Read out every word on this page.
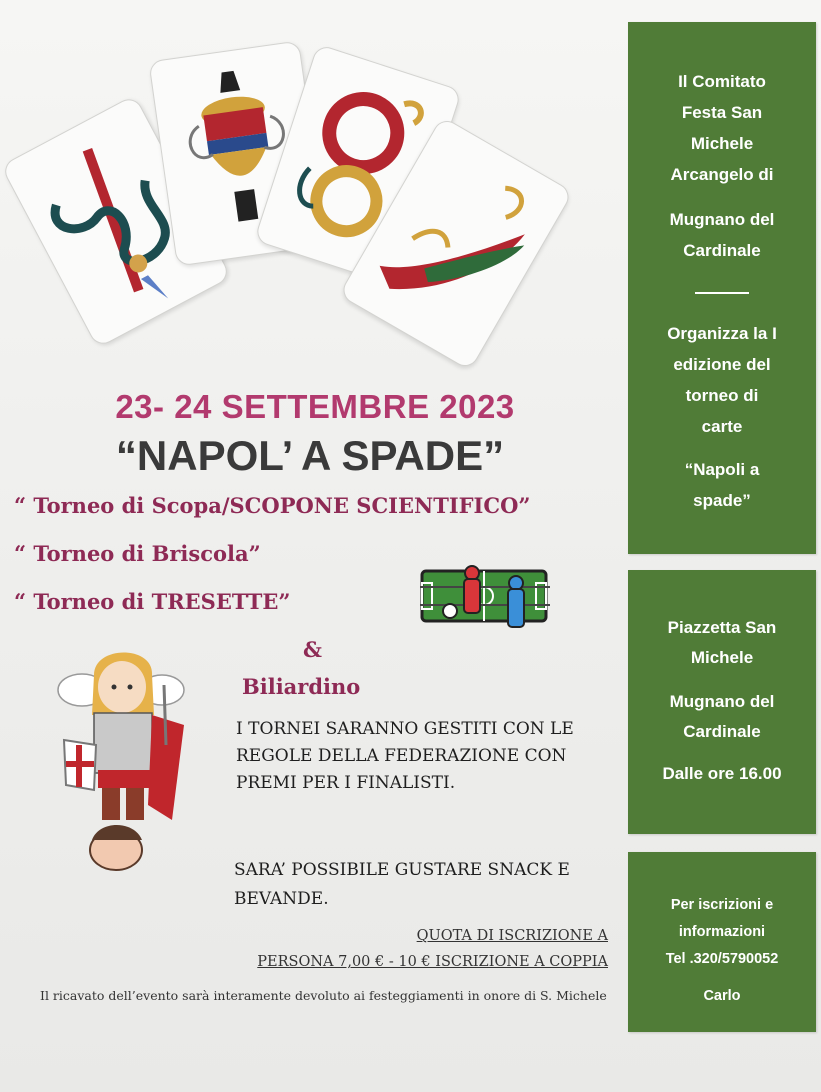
23- 24 SETTEMBRE 2023
“NAPOL’ A SPADE”
“ Torneo di Scopa/SCOPONE SCIENTIFICO”
“ Torneo di Briscola”
“ Torneo di TRESETTE”
&
Biliardino
I TORNEI SARANNO GESTITI CON LE
REGOLE DELLA FEDERAZIONE CON
PREMI PER I FINALISTI.
SARA’ POSSIBILE GUSTARE SNACK E
BEVANDE.
QUOTA DI ISCRIZIONE A
PERSONA 7,00 € - 10 € ISCRIZIONE A COPPIA
Il ricavato dell’evento sarà interamente devoluto ai festeggiamenti in onore di S. Michele

Il Comitato

Festa San

Michele

Arcangelo di

Mugnano del

Cardinale

Organizza la I

edizione del

torneo di

carte

“Napoli a

spade”

Piazzetta San

Michele

Mugnano del

Cardinale

Dalle ore 16.00

Per iscrizioni e

informazioni

Tel .320/5790052

Carlo
